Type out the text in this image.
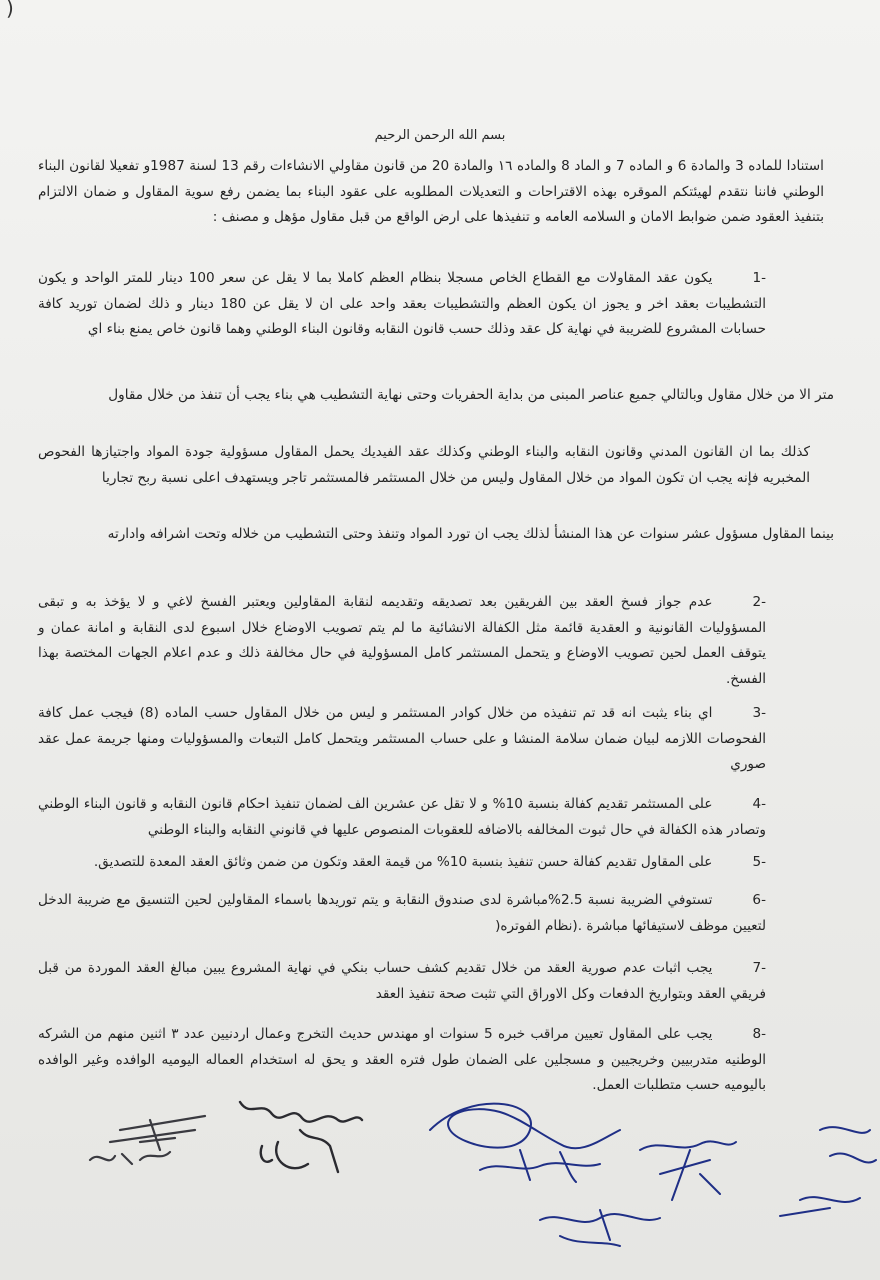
)
بسم الله الرحمن الرحيم
استنادا للماده 3 والمادة 6 و الماده 7 و الماد 8 والماده ١٦ والمادة 20 من قانون مقاولي الانشاءات رقم 13 لسنة 1987و تفعيلا لقانون البناء الوطني فاننا نتقدم لهيئتكم الموقره بهذه الاقتراحات و التعديلات المطلوبه على عقود البناء بما يضمن رفع سوية المقاول و ضمان الالتزام بتنفيذ العقود ضمن ضوابط الامان و السلامه العامه و تنفيذها على ارض الواقع من قبل مقاول مؤهل و مصنف :
-1يكون عقد المقاولات مع القطاع الخاص مسجلا بنظام العظم كاملا بما لا يقل عن سعر 100 دينار للمتر الواحد و يكون التشطيبات بعقد اخر و يجوز ان يكون العظم والتشطيبات بعقد واحد على ان لا يقل عن 180 دينار و ذلك لضمان توريد كافة حسابات المشروع للضريبة في نهاية كل عقد وذلك حسب قانون النقابه وقانون البناء الوطني وهما قانون خاص يمنع بناء اي
متر الا من خلال مقاول وبالتالي جميع عناصر المبنى من بداية الحفريات وحتى نهاية التشطيب هي بناء يجب أن تنفذ من خلال مقاول
كذلك بما ان القانون المدني وقانون النقابه والبناء الوطني وكذلك عقد الفيديك يحمل المقاول مسؤولية جودة المواد واجتيازها الفحوص المخبريه فإنه يجب ان تكون المواد من خلال المقاول وليس من خلال المستثمر فالمستثمر تاجر ويستهدف اعلى نسبة ربح تجاريا
بينما المقاول مسؤول عشر سنوات عن هذا المنشأ لذلك يجب ان تورد المواد وتنفذ وحتى التشطيب من خلاله وتحت اشرافه وادارته
-2عدم جواز فسخ العقد بين الفريقين بعد تصديقه وتقديمه لنقابة المقاولين ويعتبر الفسخ لاغي و لا يؤخذ به و تبقى المسؤوليات القانونية و العقدية قائمة مثل الكفالة الانشائية ما لم يتم تصويب الاوضاع خلال اسبوع لدى النقابة و امانة عمان و يتوقف العمل لحين تصويب الاوضاع و يتحمل المستثمر كامل المسؤولية في حال مخالفة ذلك و عدم اعلام الجهات المختصة بهذا الفسخ.
-3اي بناء يثبت انه قد تم تنفيذه من خلال كوادر المستثمر و ليس من خلال المقاول حسب الماده (8) فيجب عمل كافة الفحوصات اللازمه لبيان ضمان سلامة المنشا و على حساب المستثمر ويتحمل كامل التبعات والمسؤوليات ومنها جريمة عمل عقد صوري
-4على المستثمر تقديم كفالة بنسبة 10% و لا تقل عن عشرين الف لضمان تنفيذ احكام قانون النقابه و قانون البناء الوطني وتصادر هذه الكفالة في حال ثبوت المخالفه بالاضافه للعقوبات المنصوص عليها في قانوني النقابه والبناء الوطني
-5على المقاول تقديم كفالة حسن تنفيذ بنسبة 10% من قيمة العقد وتكون من ضمن وثائق العقد المعدة للتصديق.
-6تستوفي الضريبة نسبة 2.5%مباشرة لدى صندوق النقابة و يتم توريدها باسماء المقاولين لحين التنسيق مع ضريبة الدخل لتعيين موظف لاستيفائها مباشرة .(نظام الفوتره(
-7يجب اثبات عدم صورية العقد من خلال تقديم كشف حساب بنكي في نهاية المشروع يبين مبالغ العقد الموردة من قبل فريقي العقد وبتواريخ الدفعات وكل الاوراق التي تثبت صحة تنفيذ العقد
-8يجب على المقاول تعيين مراقب خبره 5 سنوات او مهندس حديث التخرج وعمال اردنيين عدد ٣ اثنين منهم من الشركه الوطنيه متدربيين وخريجيين و مسجلين على الضمان طول فتره العقد و يحق له استخدام العماله اليوميه الوافده وغير الوافده باليوميه حسب متطلبات العمل.
